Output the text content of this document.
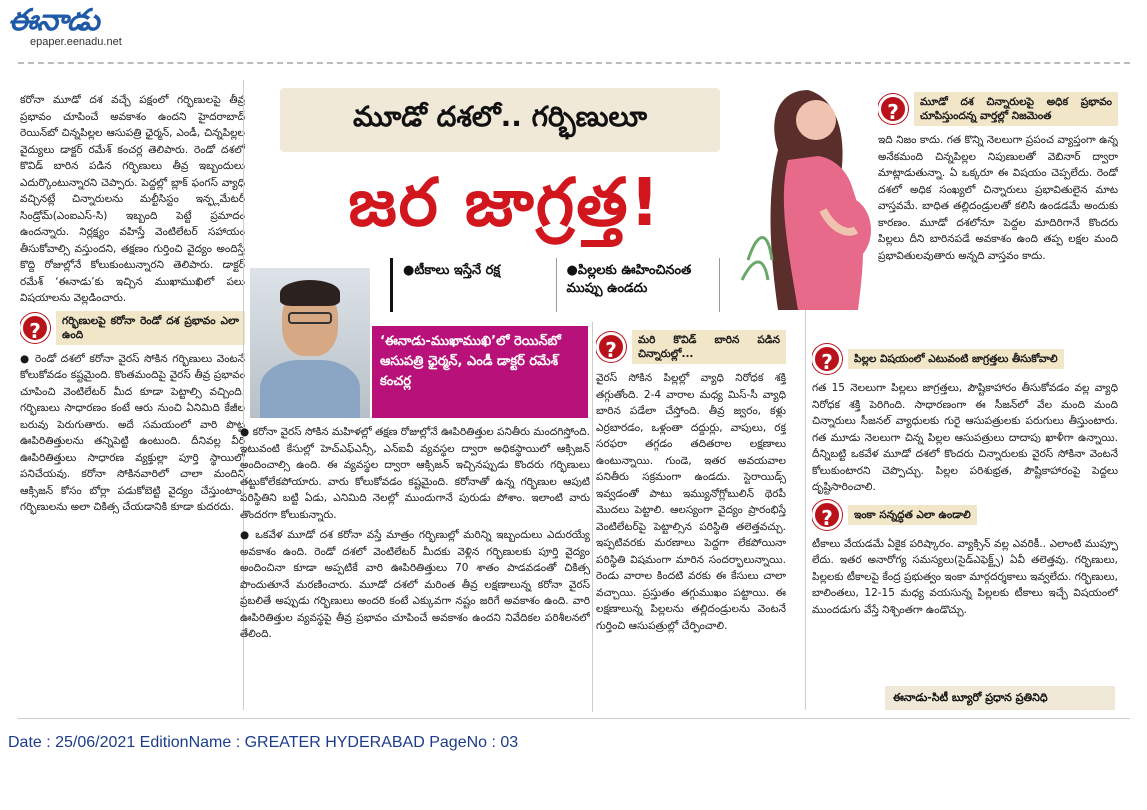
ఈనాడు
epaper.eenadu.net

కరోనా మూడో దశ వచ్చే పక్షంలో గర్భిణులపై తీవ్ర ప్రభావం చూపించే అవకాశం ఉందని హైదరాబాద్ రెయిన్‌బో చిన్నపిల్లల ఆసుపత్రి ఛైర్మన్, ఎండీ, చిన్నపిల్లల వైద్యులు డాక్టర్ రమేశ్ కంచర్ల తెలిపారు. రెండో దశలో కొవిడ్ బారిన పడిన గర్భిణులు తీవ్ర ఇబ్బందులు ఎదుర్కొంటున్నారని చెప్పారు. పెద్దల్లో బ్లాక్ ఫంగస్ వ్యాధి వచ్చినట్లే చిన్నారులను మల్టీసిస్టం ఇన్ఫ్లమేటరీ సిండ్రోమ్(ఎంఐఎస్-సి) ఇబ్బంది పెట్టే ప్రమాదం ఉందన్నారు. నిర్లక్ష్యం వహిస్తే వెంటిలేటర్ సహాయం తీసుకోవాల్సి వస్తుందని, తక్షణం గుర్తించి వైద్యం అందిస్తే కొద్ది రోజుల్లోనే కోలుకుంటున్నారని తెలిపారు. డాక్టర్ రమేశ్ ‘ఈనాడు’కు ఇచ్చిన ముఖాముఖిలో పలు విషయాలను వెల్లడించారు.

?	గర్భిణులపై కరోనా రెండో దశ ప్రభావం ఎలా ఉంది

● రెండో దశలో కరోనా వైరస్ సోకిన గర్భిణులు వెంటనే కోలుకోవడం కష్టమైంది. కొంతమందిపై వైరస్ తీవ్ర ప్రభావం చూపించి వెంటిలేటర్ మీద కూడా పెట్టాల్సి వచ్చింది. గర్భిణులు సాధారణం కంటే ఆరు నుంచి ఏనిమిది కేజీల బరువు పెరుగుతారు. అదే సమయంలో వారి పొట్ట ఊపిరితిత్తులను తన్నిపెట్టి ఉంటుంది. దీనివల్ల వీరి ఊపిరితిత్తులు సాధారణ వ్యక్తుల్లా పూర్తి స్థాయిలో పనిచేయవు. కరోనా సోకినవారిలో చాలా మందిని ఆక్సిజన్ కోసం బోర్లా పడుకోబెట్టి వైద్యం చేస్తుంటాం. గర్భిణులను అలా చికిత్స చేయడానికి కూడా కుదరదు.

మూడో దశలో.. గర్భిణులూ
జర జాగ్రత్త!
●టీకాలు ఇస్తేనే రక్ష	●పిల్లలకు ఊహించినంత ముప్పు ఉండదు
‘ఈనాడు-ముఖాముఖి’లో రెయిన్‌బో ఆసుపత్రి ఛైర్మన్, ఎండీ డాక్టర్ రమేశ్ కంచర్ల

● కరోనా వైరస్ సోకిన మహిళల్లో తక్షణ రోజుల్లోనే ఊపిరితిత్తుల పనితీరు మందగిస్తోంది. ఇటువంటి కేసుల్లో హెచ్ఎఫ్ఎన్సీ, ఎన్ఐవీ వ్యవస్థల ద్వారా అధికస్థాయిలో ఆక్సిజన్ అందించాల్సి ఉంది. ఈ వ్యవస్థల ద్వారా ఆక్సిజన్ ఇచ్చినప్పుడు కొందరు గర్భిణులు తట్టుకోలేకపోయారు. వారు కోలుకోవడం కష్టమైంది. కరోనాతో ఉన్న గర్భిణుల ఆపుటి పరిస్థితిని బట్టి ఏడు, ఎనిమిది నెలల్లో ముందుగానే పురుడు పోశాం. ఇలాంటి వారు తొందరగా కోలుకున్నారు.

● ఒకవేళ మూడో దశ కరోనా వస్తే మాత్రం గర్భిణుల్లో మరిన్ని ఇబ్బందులు ఎదురయ్యే అవకాశం ఉంది. రెండో దశలో వెంటిలేటర్ మీదకు వెళ్లిన గర్భిణులకు పూర్తి వైద్యం అందించినా కూడా అప్పటికే వారి ఊపిరితిత్తులు 70 శాతం పాడవడంతో చికిత్స పొందుతూనే మరణించారు. మూడో దశలో మరింత తీవ్ర లక్షణాలున్న కరోనా వైరస్ ప్రబలితే అప్పుడు గర్భిణులు అందరి కంటే ఎక్కువగా నష్టం జరిగే అవకాశం ఉంది. వారి ఊపిరితిత్తుల వ్యవస్థపై తీవ్ర ప్రభావం చూపించే అవకాశం ఉందని నివేదికల పరిశీలనలో తేలింది.

?	మరి కొవిడ్ బారిన పడిన చిన్నారుల్లో...

వైరస్ సోకిన పిల్లల్లో వ్యాధి నిరోధక శక్తి తగ్గుతోంది. 2-4 వారాల మధ్య మిస్-సీ వ్యాధి బారిన పడేలా చేస్తోంది. తీవ్ర జ్వరం, కళ్లు ఎర్రబారడం, ఒళ్లంతా దద్దుర్లు, వాపులు, రక్త సరఫరా తగ్గడం తదితరాల లక్షణాలు ఉంటున్నాయి. గుండె, ఇతర అవయవాల పనితీరు సక్రమంగా ఉండదు. స్టెరాయిడ్స్ ఇవ్వడంతో పాటు ఇమ్యునోగ్లోబులిన్ థెరపీ మొదలు పెట్టాలి. ఆలస్యంగా వైద్యం ప్రారంభిస్తే వెంటిలేటర్‌పై పెట్టాల్సిన పరిస్థితి తలెత్తవచ్చు. ఇప్పటివరకు మరణాలు పెద్దగా లేకపోయినా పరిస్థితి విషమంగా మారిన సందర్భాలున్నాయి. రెండు వారాల కిందటి వరకు ఈ కేసులు చాలా వచ్చాయి. ప్రస్తుతం తగ్గుముఖం పట్టాయి. ఈ లక్షణాలున్న పిల్లలను తల్లిదండ్రులను వెంటనే గుర్తించి ఆసుపత్రుల్లో చేర్పించాలి.

?	మూడో దశ చిన్నారులపై అధిక ప్రభావం చూపిస్తుందన్న వార్తల్లో నిజమెంత

ఇది నిజం కాదు. గత కొన్ని నెలలుగా ప్రపంచ వ్యాప్తంగా ఉన్న అనేకమంది చిన్నపిల్లల నిపుణులతో వెబినార్ ద్వారా మాట్లాడుతున్నా. ఏ ఒక్కరూ ఈ విషయం చెప్పలేదు. రెండో దశలో అధిక సంఖ్యలో చిన్నారులు ప్రభావితులైన మాట వాస్తవమే. బాధిత తల్లిదండ్రులతో కలిసి ఉండడమే అందుకు కారణం. మూడో దశలోనూ పెద్దల మాదిరిగానే కొందరు పిల్లలు దీని బారినపడే అవకాశం ఉంది తప్ప లక్షల మంది ప్రభావితులవుతారు అన్నది వాస్తవం కాదు.

?	పిల్లల విషయంలో ఎటువంటి జాగ్రత్తలు తీసుకోవాలి

గత 15 నెలలుగా పిల్లలు జాగ్రత్తలు, పౌష్టికాహారం తీసుకోవడం వల్ల వ్యాధి నిరోధక శక్తి పెరిగింది. సాధారణంగా ఈ సీజన్‌లో వేల మంది మంది చిన్నారులు సీజనల్ వ్యాధులకు గురై ఆసుపత్రులకు పరుగులు తీస్తుంటారు. గత మూడు నెలలుగా చిన్న పిల్లల ఆసుపత్రులు దాదాపు ఖాళీగా ఉన్నాయి. దీన్నిబట్టి ఒకవేళ మూడో దశలో కొందరు చిన్నారులకు వైరస్ సోకినా వెంటనే కోలుకుంటారని చెప్పొచ్చు. పిల్లల పరిశుభ్రత, పౌష్టికాహారంపై పెద్దలు దృష్టిసారించాలి.

?	ఇంకా సన్నద్ధత ఎలా ఉండాలి

టీకాలు వేయడమే ఏకైక పరిష్కారం. వ్యాక్సిన్ వల్ల ఎవరికీ.. ఎలాంటి ముప్పూ లేదు. ఇతర అనారోగ్య సమస్యలు(సైడ్ఎఫెక్ట్స్) ఏవీ తలెత్తవు. గర్భిణులు, పిల్లలకు టీకాలపై కేంద్ర ప్రభుత్వం ఇంకా మార్గదర్శకాలు ఇవ్వలేదు. గర్భిణులు, బాలింతలు, 12-15 మధ్య వయసున్న పిల్లలకు టీకాలు ఇచ్చే విషయంలో ముందడుగు వేస్తే నిశ్చింతగా ఉండొచ్చు.

ఈనాడు-సిటీ బ్యూరో ప్రధాన ప్రతినిధి
Date : 25/06/2021 EditionName : GREATER HYDERABAD PageNo : 03
